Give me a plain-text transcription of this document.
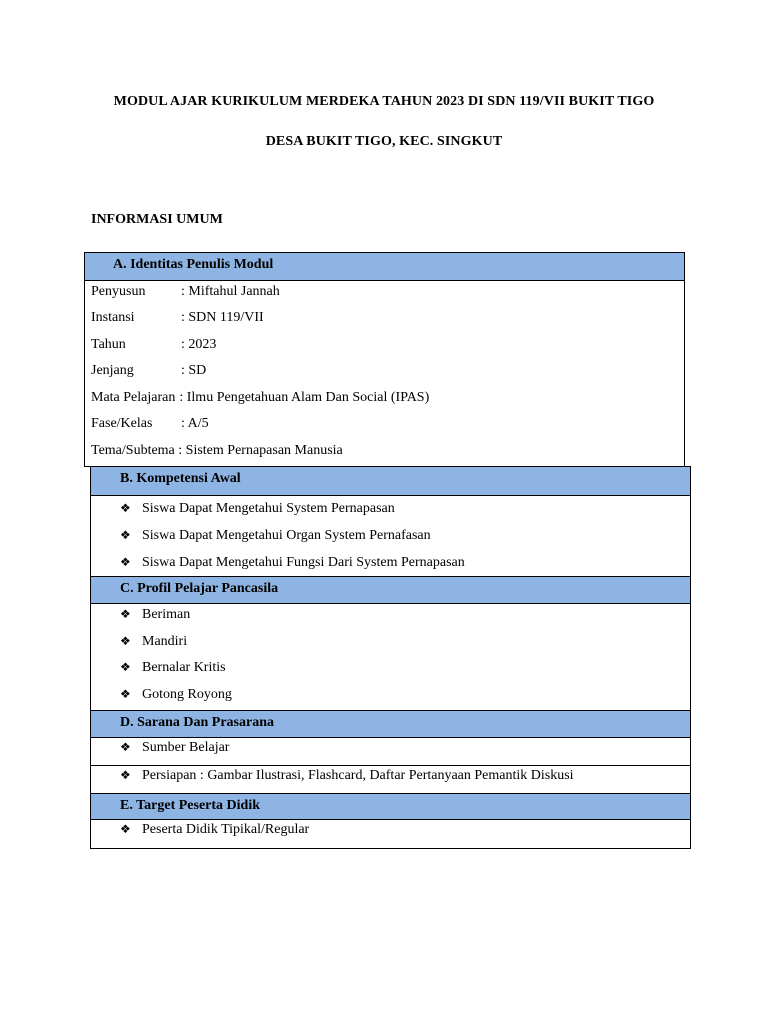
MODUL AJAR KURIKULUM MERDEKA TAHUN 2023 DI SDN 119/VII BUKIT TIGO
DESA BUKIT TIGO, KEC. SINGKUT
INFORMASI UMUM
A. Identitas Penulis Modul
Penyusun	: Miftahul Jannah
Instansi	: SDN 119/VII
Tahun	: 2023
Jenjang	: SD
Mata Pelajaran : Ilmu Pengetahuan Alam Dan Social (IPAS)
Fase/Kelas : A/5
Tema/Subtema : Sistem Pernapasan Manusia
B. Kompetensi Awal
❖ Siswa Dapat Mengetahui System Pernapasan
❖ Siswa Dapat Mengetahui Organ System Pernafasan
❖ Siswa Dapat Mengetahui Fungsi Dari System Pernapasan
C. Profil Pelajar Pancasila
❖ Beriman
❖ Mandiri
❖ Bernalar Kritis
❖ Gotong Royong
D. Sarana Dan Prasarana
❖ Sumber Belajar
❖ Persiapan : Gambar Ilustrasi, Flashcard, Daftar Pertanyaan Pemantik Diskusi
E. Target Peserta Didik
❖ Peserta Didik Tipikal/Regular
